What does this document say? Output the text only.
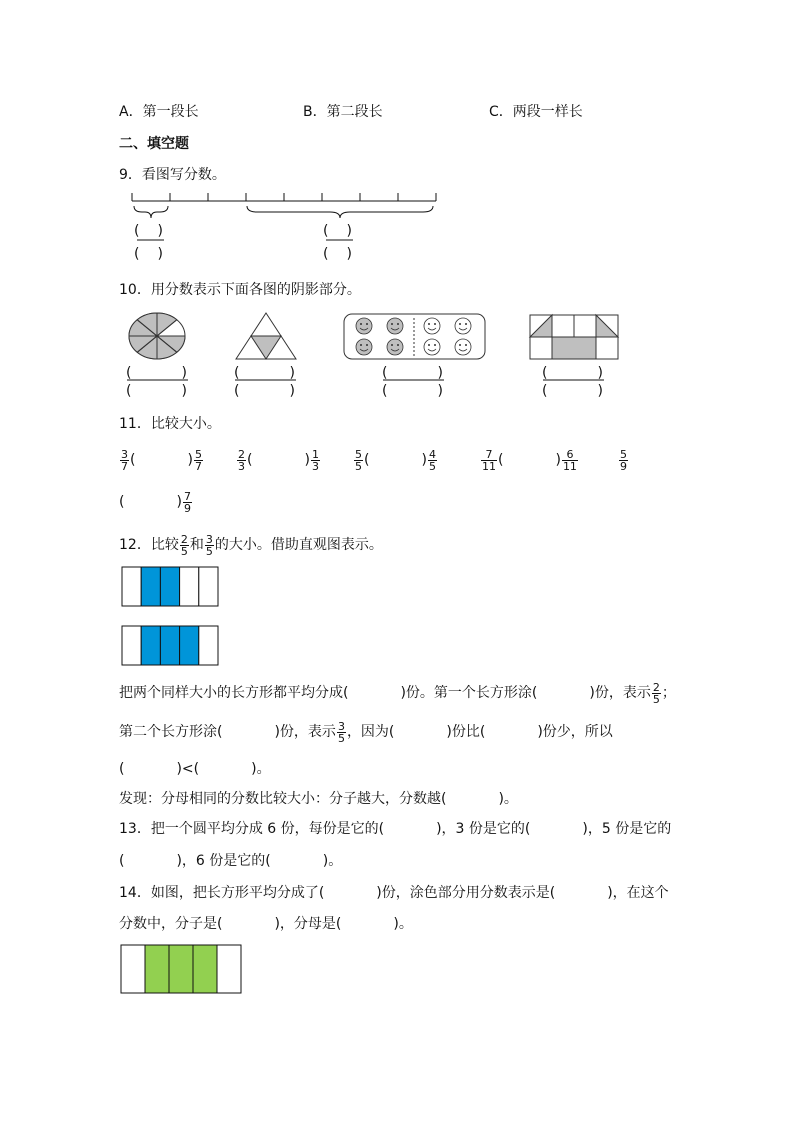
A．第一段长	B．第二段长	C．两段一样长
二、填空题
9．看图写分数。
( )
( )
( )
( )
10．用分数表示下面各图的阴影部分。
(	)
(	)
(	)
(	)
(	)
(	)
(	)
(	)
11．比较大小。
$\frac{3}{7}$ (	) $\frac{5}{7}$	$\frac{2}{3}$ (	) $\frac{1}{3}$	$\frac{5}{5}$ (	) $\frac{4}{5}$	$\frac{7}{11}$ (	) $\frac{6}{11}$	$\frac{5}{9}$
(	) $\frac{7}{9}$
12．比较 $\frac{2}{5}$ 和 $\frac{3}{5}$ 的大小。借助直观图表示。
把两个同样大小的长方形都平均分成(	)份。第一个长方形涂(	)份，表示 $\frac{2}{5}$ ；
第二个长方形涂(	)份，表示 $\frac{3}{5}$ ，因为(	)份比(	)份少，所以
(	)<(	)。
发现：分母相同的分数比较大小：分子越大，分数越(	)。
13．把一个圆平均分成 6 份，每份是它的(	)，3 份是它的(	)，5 份是它的
(	)，6 份是它的(	)。
14．如图，把长方形平均分成了(	)份，涂色部分用分数表示是(	)，在这个
分数中，分子是(	)，分母是(	)。
